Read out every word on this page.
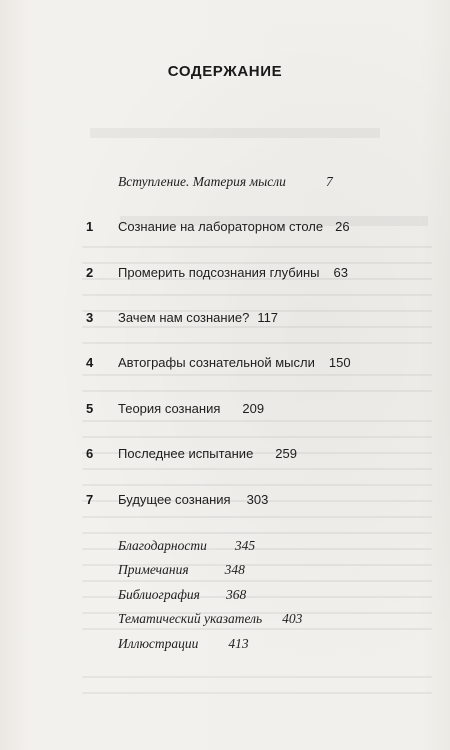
СОДЕРЖАНИЕ
Вступление. Материя мысли	7
1 Сознание на лабораторном столе 26
2 Промерить подсознания глубины 63
3 Зачем нам сознание? 117
4 Автографы сознательной мысли 150
5 Теория сознания 209
6 Последнее испытание 259
7 Будущее сознания 303
Благодарности 345
Примечания	348
Библиография 368
Тематический указатель 403
Иллюстрации 413
